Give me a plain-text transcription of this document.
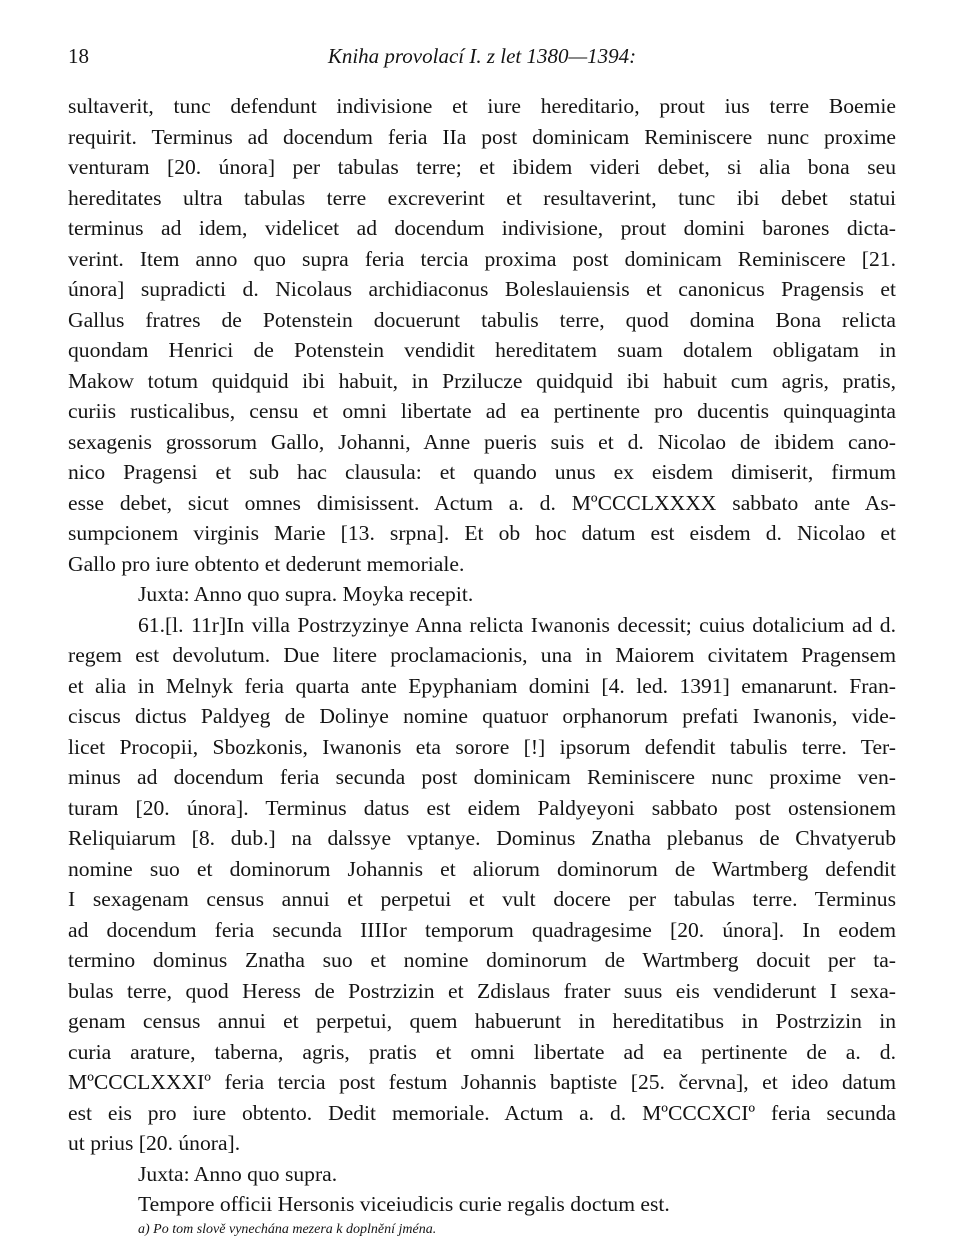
18	Kniha provolací I. z let 1380—1394:
sultaverit, tunc defendunt indivisione et iure hereditario, prout ius terre Boemie
requirit. Terminus ad docendum feria IIa post dominicam Reminiscere nunc proxime
venturam [20. února] per tabulas terre; et ibidem videri debet, si alia bona seu
hereditates ultra tabulas terre excreverint et resultaverint, tunc ibi debet statui
terminus ad idem, videlicet ad docendum indivisione, prout domini barones dicta-
verint. Item anno quo supra feria tercia proxima post dominicam Reminiscere [21.
února] supradicti d. Nicolaus archidiaconus Boleslauiensis et canonicus Pragensis et
Gallus fratres de Potenstein docuerunt tabulis terre, quod domina Bona relicta
quondam Henrici de Potenstein vendidit hereditatem suam dotalem obligatam in
Makow totum quidquid ibi habuit, in Przilucze quidquid ibi habuit cum agris, pratis,
curiis rusticalibus, censu et omni libertate ad ea pertinente pro ducentis quinquaginta
sexagenis grossorum Gallo, Johanni, Anne pueris suis et d. Nicolao de ibidem cano-
nico Pragensi et sub hac clausula: et quando unus ex eisdem dimiserit, firmum
esse debet, sicut omnes dimisissent. Actum a. d. MºCCCLXXXX sabbato ante As-
sumpcionem virginis Marie [13. srpna]. Et ob hoc datum est eisdem d. Nicolao et
Gallo pro iure obtento et dederunt memoriale.
Juxta: Anno quo supra. Moyka recepit.
61.[l. 11r]In villa Postrzyzinye Anna relicta Iwanonis decessit; cuius dotalicium ad d.
regem est devolutum. Due litere proclamacionis, una in Maiorem civitatem Pragensem
et alia in Melnyk feria quarta ante Epyphaniam domini [4. led. 1391] emanarunt. Fran-
ciscus dictus Paldyeg de Dolinye nomine quatuor orphanorum prefati Iwanonis, vide-
licet Procopii, Sbozkonis, Iwanonis eta sorore [!] ipsorum defendit tabulis terre. Ter-
minus ad docendum feria secunda post dominicam Reminiscere nunc proxime ven-
turam [20. února]. Terminus datus est eidem Paldyeyoni sabbato post ostensionem
Reliquiarum [8. dub.] na dalssye vptanye. Dominus Znatha plebanus de Chvatyerub
nomine suo et dominorum Johannis et aliorum dominorum de Wartmberg defendit
I sexagenam census annui et perpetui et vult docere per tabulas terre. Terminus
ad docendum feria secunda IIIIor temporum quadragesime [20. února]. In eodem
termino dominus Znatha suo et nomine dominorum de Wartmberg docuit per ta-
bulas terre, quod Heress de Postrzizin et Zdislaus frater suus eis vendiderunt I sexa-
genam census annui et perpetui, quem habuerunt in hereditatibus in Postrzizin in
curia arature, taberna, agris, pratis et omni libertate ad ea pertinente de a. d.
MºCCCLXXXIº feria tercia post festum Johannis baptiste [25. června], et ideo datum
est eis pro iure obtento. Dedit memoriale. Actum a. d. MºCCCXCIº feria secunda
ut prius [20. února].
Juxta: Anno quo supra.
Tempore officii Hersonis viceiudicis curie regalis doctum est.
a) Po tom slově vynechána mezera k doplnění jména.
